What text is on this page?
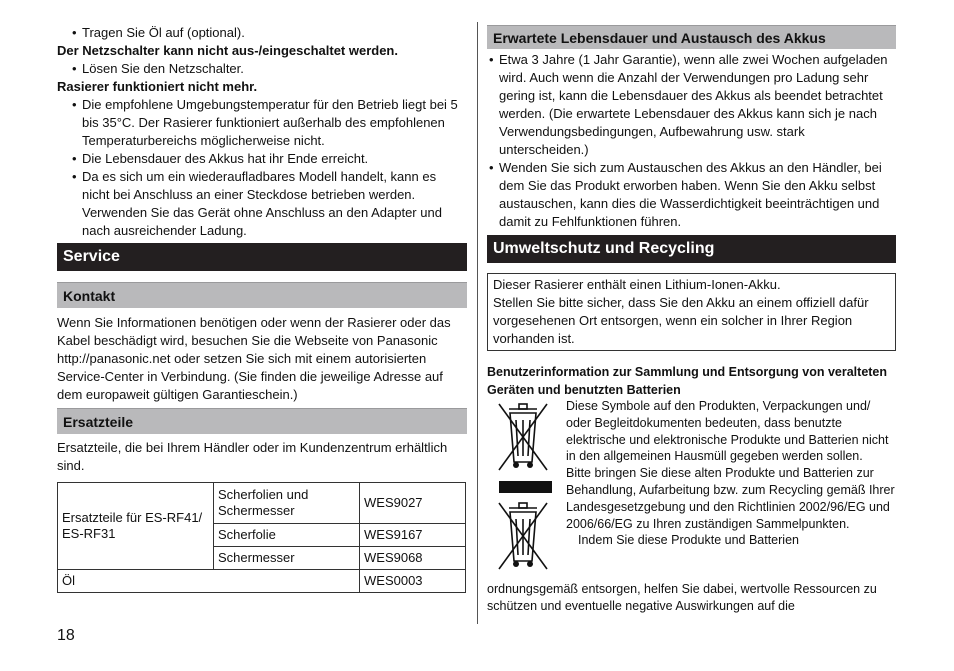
• Tragen Sie Öl auf (optional).
Der Netzschalter kann nicht aus-/eingeschaltet werden.
• Lösen Sie den Netzschalter.
Rasierer funktioniert nicht mehr.
• Die empfohlene Umgebungstemperatur für den Betrieb liegt bei 5 bis 35°C. Der Rasierer funktioniert außerhalb des empfohlenen Temperaturbereichs möglicherweise nicht.
• Die Lebensdauer des Akkus hat ihr Ende erreicht.
• Da es sich um ein wiederaufladbares Modell handelt, kann es nicht bei Anschluss an einer Steckdose betrieben werden. Verwenden Sie das Gerät ohne Anschluss an den Adapter und nach ausreichender Ladung.
Service
Kontakt
Wenn Sie Informationen benötigen oder wenn der Rasierer oder das Kabel beschädigt wird, besuchen Sie die Webseite von Panasonic http://panasonic.net oder setzen Sie sich mit einem autorisierten Service-Center in Verbindung. (Sie finden die jeweilige Adresse auf dem europaweit gültigen Garantieschein.)
Ersatzteile
Ersatzteile, die bei Ihrem Händler oder im Kundenzentrum erhältlich sind.
Ersatzteile für ES-RF41/ ES-RF31	Scherfolien und Schermesser	WES9027
	Scherfolie	WES9167
	Schermesser	WES9068
Öl		WES0003
18
Erwartete Lebensdauer und Austausch des Akkus
• Etwa 3 Jahre (1 Jahr Garantie), wenn alle zwei Wochen aufgeladen wird. Auch wenn die Anzahl der Verwendungen pro Ladung sehr gering ist, kann die Lebensdauer des Akkus als beendet betrachtet werden. (Die erwartete Lebensdauer des Akkus kann sich je nach Verwendungsbedingungen, Aufbewahrung usw. stark unterscheiden.)
• Wenden Sie sich zum Austauschen des Akkus an den Händler, bei dem Sie das Produkt erworben haben. Wenn Sie den Akku selbst austauschen, kann dies die Wasserdichtigkeit beeinträchtigen und damit zu Fehlfunktionen führen.
Umweltschutz und Recycling
Dieser Rasierer enthält einen Lithium-Ionen-Akku.
Stellen Sie bitte sicher, dass Sie den Akku an einem offiziell dafür vorgesehenen Ort entsorgen, wenn ein solcher in Ihrer Region vorhanden ist.
Benutzerinformation zur Sammlung und Entsorgung von veralteten Geräten und benutzten Batterien
Diese Symbole auf den Produkten, Verpackungen und/ oder Begleitdokumenten bedeuten, dass benutzte elektrische und elektronische Produkte und Batterien nicht in den allgemeinen Hausmüll gegeben werden sollen.
Bitte bringen Sie diese alten Produkte und Batterien zur Behandlung, Aufarbeitung bzw. zum Recycling gemäß Ihrer Landesgesetzgebung und den Richtlinien 2002/96/EG und 2006/66/EG zu Ihren zuständigen Sammelpunkten.
Indem Sie diese Produkte und Batterien
ordnungsgemäß entsorgen, helfen Sie dabei, wertvolle Ressourcen zu schützen und eventuelle negative Auswirkungen auf die
